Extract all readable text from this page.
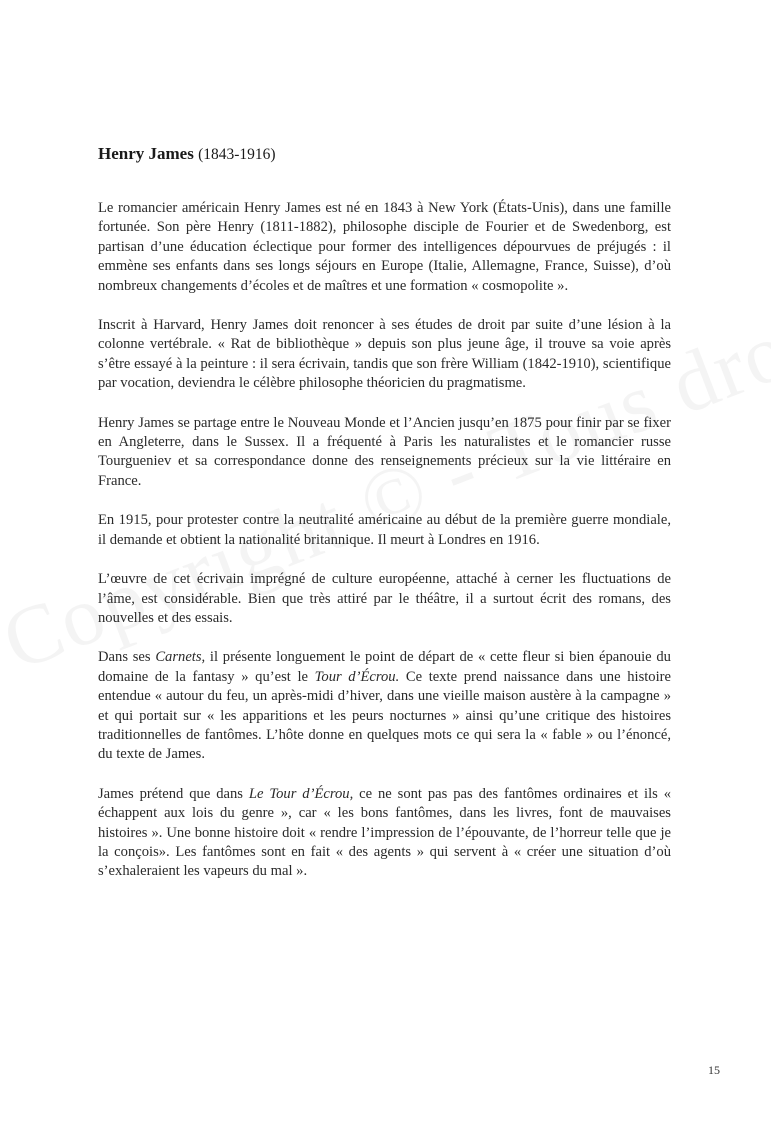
Henry James (1843-1916)

Le romancier américain Henry James est né en 1843 à New York (États-Unis), dans une famille fortunée. Son père Henry (1811-1882), philosophe disciple de Fourier et de Swedenborg, est partisan d’une éducation éclectique pour former des intelligences dépourvues de préjugés : il emmène ses enfants dans ses longs séjours en Europe (Italie, Allemagne, France, Suisse), d’où nombreux changements d’écoles et de maîtres et une formation « cosmopolite ».

Inscrit à Harvard, Henry James doit renoncer à ses études de droit par suite d’une lésion à la colonne vertébrale. « Rat de bibliothèque » depuis son plus jeune âge, il trouve sa voie après s’être essayé à la peinture : il sera écrivain, tandis que son frère William (1842-1910), scientifique par vocation, deviendra le célèbre philosophe théoricien du pragmatisme.

Henry James se partage entre le Nouveau Monde et l’Ancien jusqu’en 1875 pour finir par se fixer en Angleterre, dans le Sussex. Il a fréquenté à Paris les naturalistes et le romancier russe Tourgueniev et sa correspondance donne des renseignements précieux sur la vie littéraire en France.

En 1915, pour protester contre la neutralité américaine au début de la première guerre mondiale, il demande et obtient la nationalité britannique. Il meurt à Londres en 1916.

L’œuvre de cet écrivain imprégné de culture européenne, attaché à cerner les fluctuations de l’âme, est considérable. Bien que très attiré par le théâtre, il a surtout écrit des romans, des nouvelles et des essais.

Dans ses Carnets, il présente longuement le point de départ de « cette fleur si bien épanouie du domaine de la fantasy » qu’est le Tour d’Écrou. Ce texte prend naissance dans une histoire entendue « autour du feu, un après-midi d’hiver, dans une vieille maison austère à la campagne » et qui portait sur « les apparitions et les peurs nocturnes » ainsi qu’une critique des histoires traditionnelles de fantômes. L’hôte donne en quelques mots ce qui sera la « fable » ou l’énoncé, du texte de James.

James prétend que dans Le Tour d’Écrou, ce ne sont pas pas des fantômes ordinaires et ils « échappent aux lois du genre », car « les bons fantômes, dans les livres, font de mauvaises histoires ». Une bonne histoire doit « rendre l’impression de l’épouvante, de l’horreur telle que je la conçois». Les fantômes sont en fait « des agents » qui servent à « créer une situation d’où s’exhaleraient les vapeurs du mal ».

15
